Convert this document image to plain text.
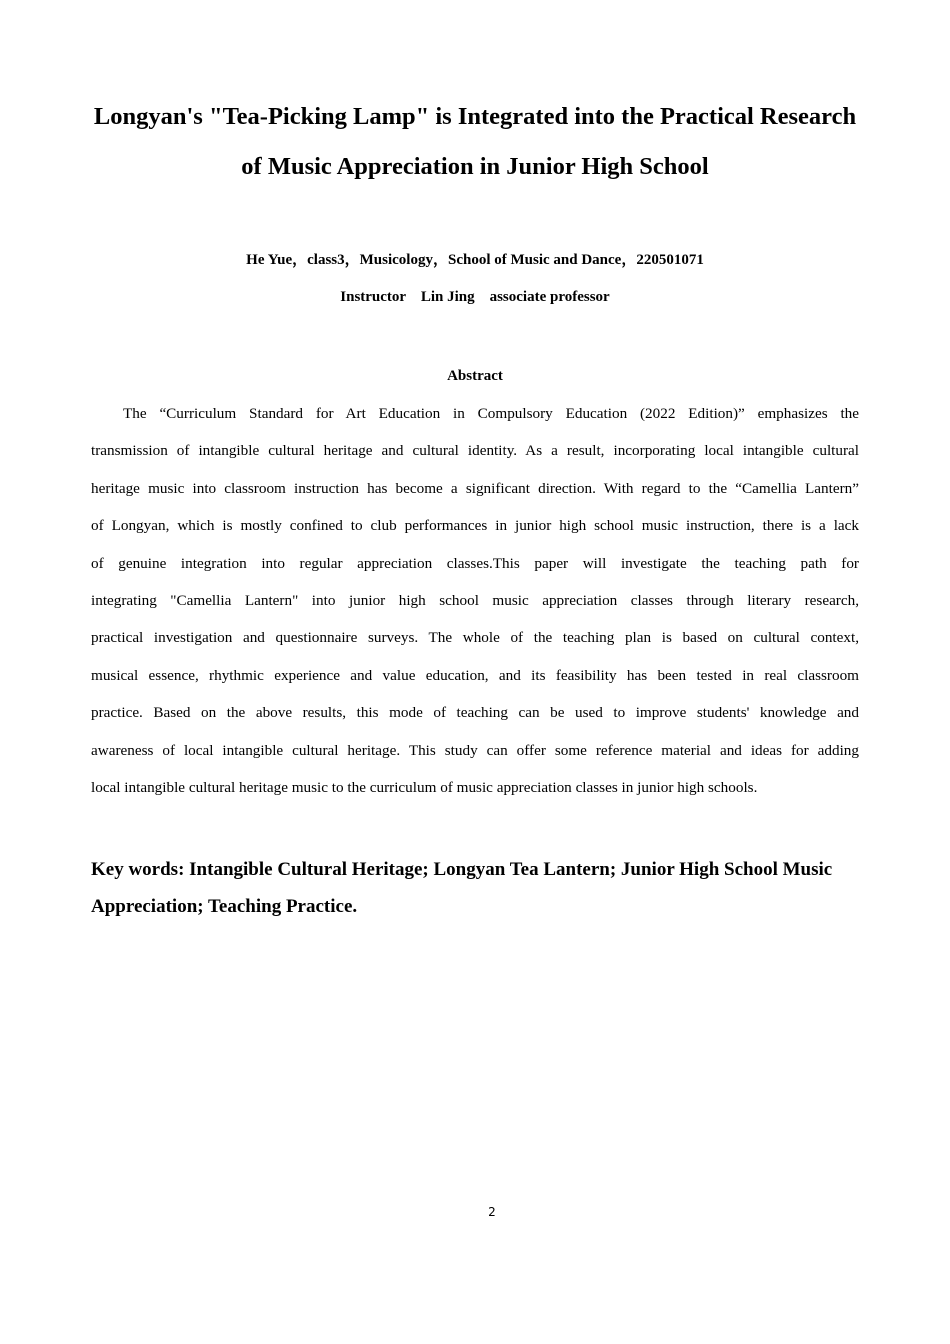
Longyan's "Tea-Picking Lamp" is Integrated into the Practical Research
of Music Appreciation in Junior High School
He Yue，class3，Musicology，School of Music and Dance，220501071
Instructor    Lin Jing    associate professor
Abstract
The “Curriculum Standard for Art Education in Compulsory Education (2022 Edition)” emphasizes the
transmission of intangible cultural heritage and cultural identity. As a result, incorporating local intangible cultural
heritage music into classroom instruction has become a significant direction. With regard to the “Camellia Lantern”
of Longyan, which is mostly confined to club performances in junior high school music instruction, there is a lack
of genuine integration into regular appreciation classes.This paper will investigate the teaching path for
integrating "Camellia Lantern" into junior high school music appreciation classes through literary research,
practical investigation and questionnaire surveys. The whole of the teaching plan is based on cultural context,
musical essence, rhythmic experience and value education, and its feasibility has been tested in real classroom
practice. Based on the above results, this mode of teaching can be used to improve students' knowledge and
awareness of local intangible cultural heritage. This study can offer some reference material and ideas for adding
local intangible cultural heritage music to the curriculum of music appreciation classes in junior high schools.
Key words: Intangible Cultural Heritage; Longyan Tea Lantern; Junior High School Music
Appreciation; Teaching Practice.
2
